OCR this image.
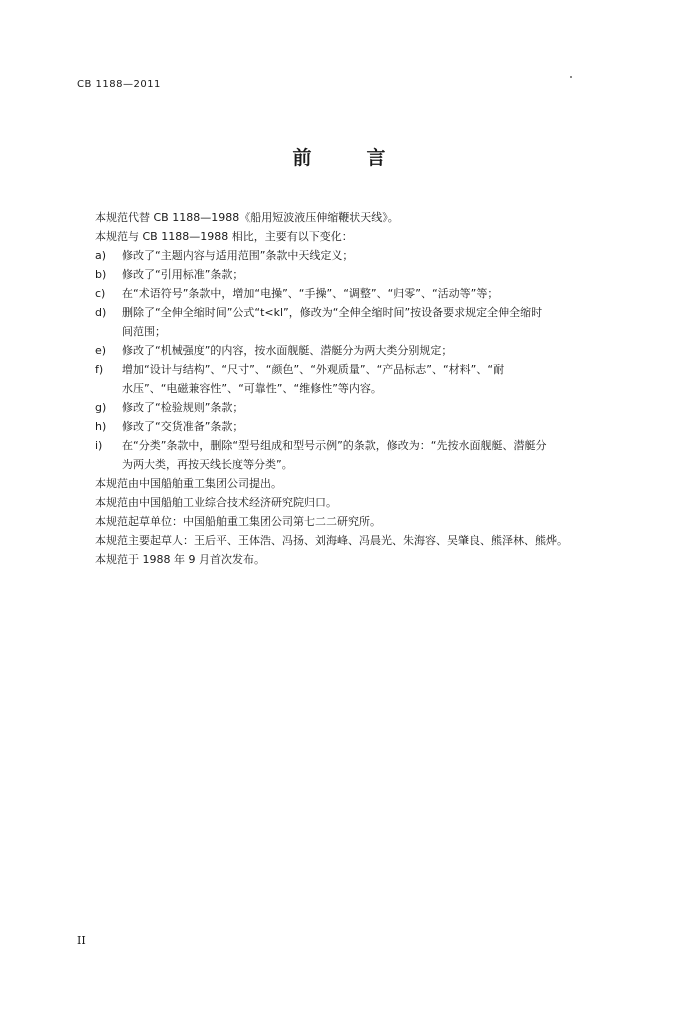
CB 1188—2011
前　言

本规范代替 CB 1188—1988《船用短波液压伸缩鞭状天线》。

本规范与 CB 1188—1988 相比，主要有以下变化：

a)	修改了“主题内容与适用范围”条款中天线定义；
b)	修改了“引用标准”条款；
c)	在“术语符号”条款中，增加“电操”、“手操”、“调整”、“归零”、“活动等”等；
d)	删除了“全伸全缩时间”公式“t<kl”，修改为“全伸全缩时间”按设备要求规定全伸全缩时
间范围；
e)	修改了“机械强度”的内容，按水面舰艇、潜艇分为两大类分别规定；
f)	增加“设计与结构”、“尺寸”、“颜色”、“外观质量”、“产品标志”、“材料”、“耐
水压”、“电磁兼容性”、“可靠性”、“维修性”等内容。
g)	修改了“检验规则”条款；
h)	修改了“交货准备”条款；
i)	在“分类”条款中，删除“型号组成和型号示例”的条款，修改为：“先按水面舰艇、潜艇分
为两大类，再按天线长度等分类”。

本规范由中国船舶重工集团公司提出。

本规范由中国船舶工业综合技术经济研究院归口。

本规范起草单位：中国船舶重工集团公司第七二二研究所。

本规范主要起草人：王后平、王体浩、冯扬、刘海峰、冯晨光、朱海容、吴肇良、熊泽林、熊烨。

本规范于 1988 年 9 月首次发布。

II
